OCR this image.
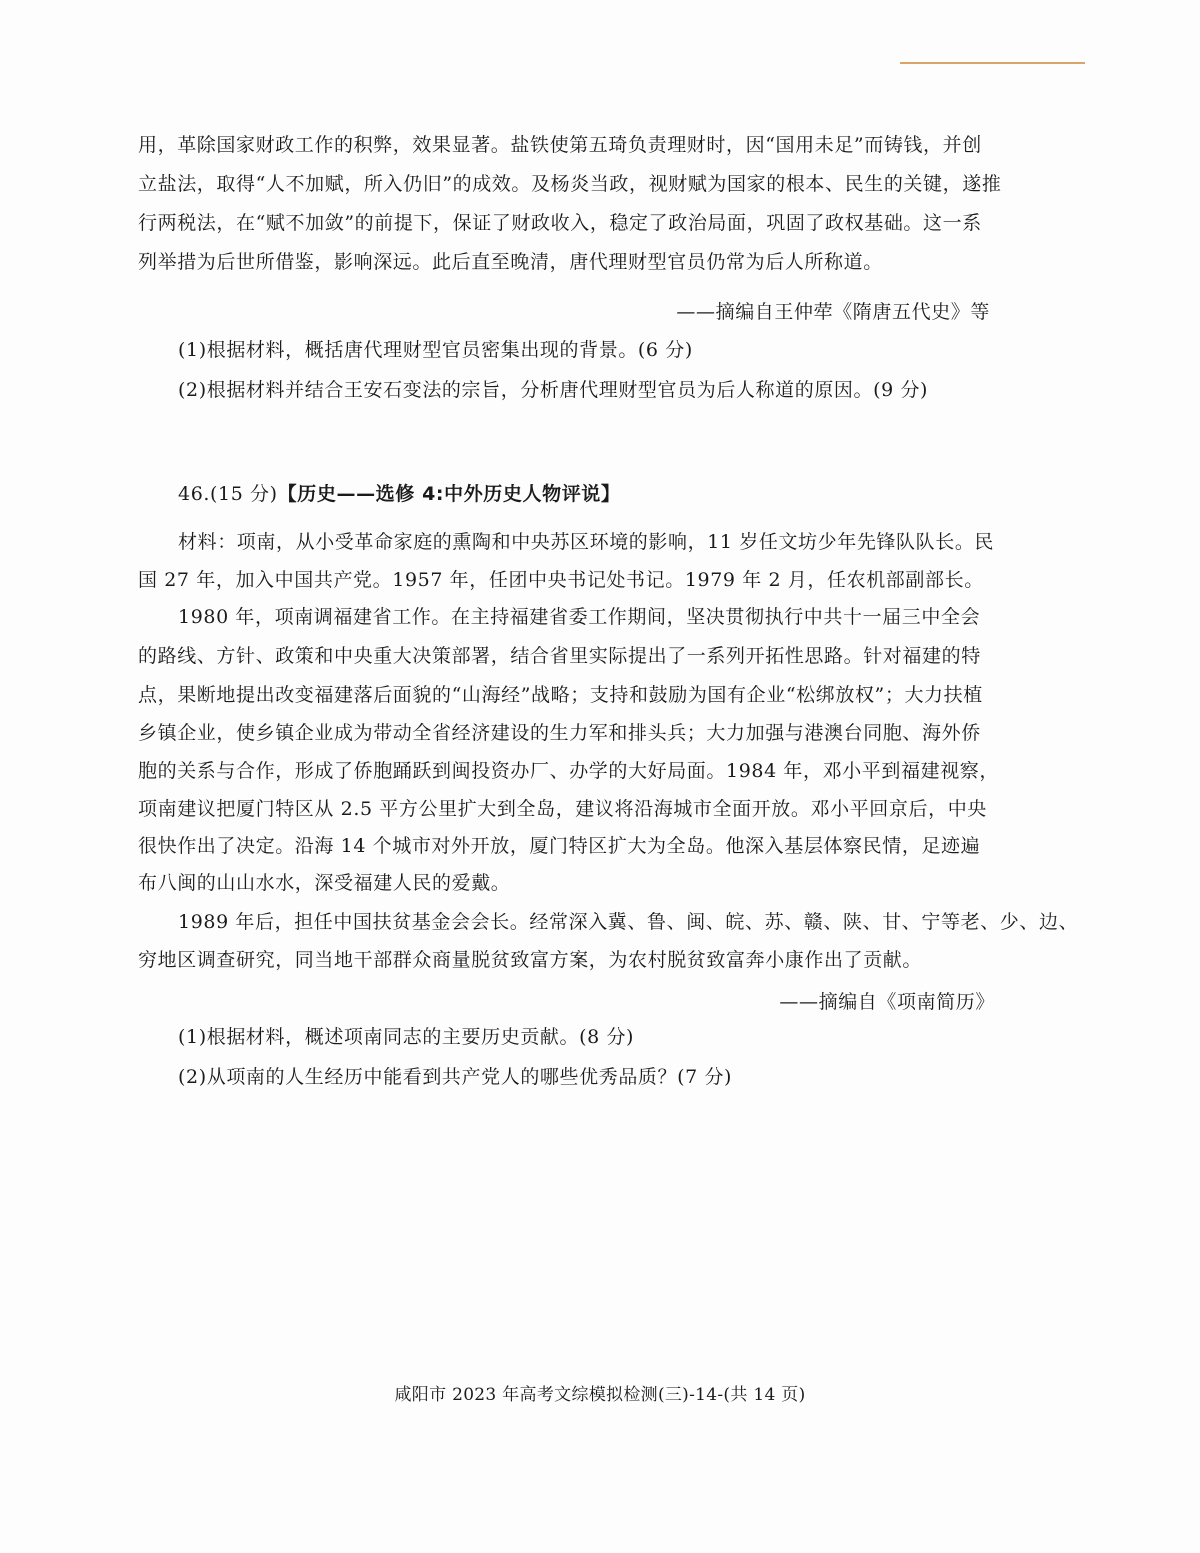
用，革除国家财政工作的积弊，效果显著。盐铁使第五琦负责理财时，因“国用未足”而铸钱，并创
立盐法，取得“人不加赋，所入仍旧”的成效。及杨炎当政，视财赋为国家的根本、民生的关键，遂推
行两税法，在“赋不加敛”的前提下，保证了财政收入，稳定了政治局面，巩固了政权基础。这一系
列举措为后世所借鉴，影响深远。此后直至晚清，唐代理财型官员仍常为后人所称道。
——摘编自王仲荦《隋唐五代史》等
(1)根据材料，概括唐代理财型官员密集出现的背景。(6 分)
(2)根据材料并结合王安石变法的宗旨，分析唐代理财型官员为后人称道的原因。(9 分)
46.(15 分)【历史——选修 4:中外历史人物评说】
材料：项南，从小受革命家庭的熏陶和中央苏区环境的影响，11 岁任文坊少年先锋队队长。民
国 27 年，加入中国共产党。1957 年，任团中央书记处书记。1979 年 2 月，任农机部副部长。
1980 年，项南调福建省工作。在主持福建省委工作期间，坚决贯彻执行中共十一届三中全会
的路线、方针、政策和中央重大决策部署，结合省里实际提出了一系列开拓性思路。针对福建的特
点，果断地提出改变福建落后面貌的“山海经”战略；支持和鼓励为国有企业“松绑放权”；大力扶植
乡镇企业，使乡镇企业成为带动全省经济建设的生力军和排头兵；大力加强与港澳台同胞、海外侨
胞的关系与合作，形成了侨胞踊跃到闽投资办厂、办学的大好局面。1984 年，邓小平到福建视察，
项南建议把厦门特区从 2.5 平方公里扩大到全岛，建议将沿海城市全面开放。邓小平回京后，中央
很快作出了决定。沿海 14 个城市对外开放，厦门特区扩大为全岛。他深入基层体察民情，足迹遍
布八闽的山山水水，深受福建人民的爱戴。
1989 年后，担任中国扶贫基金会会长。经常深入冀、鲁、闽、皖、苏、赣、陕、甘、宁等老、少、边、
穷地区调查研究，同当地干部群众商量脱贫致富方案，为农村脱贫致富奔小康作出了贡献。
——摘编自《项南简历》
(1)根据材料，概述项南同志的主要历史贡献。(8 分)
(2)从项南的人生经历中能看到共产党人的哪些优秀品质？(7 分)
咸阳市 2023 年高考文综模拟检测(三)-14-(共 14 页)
